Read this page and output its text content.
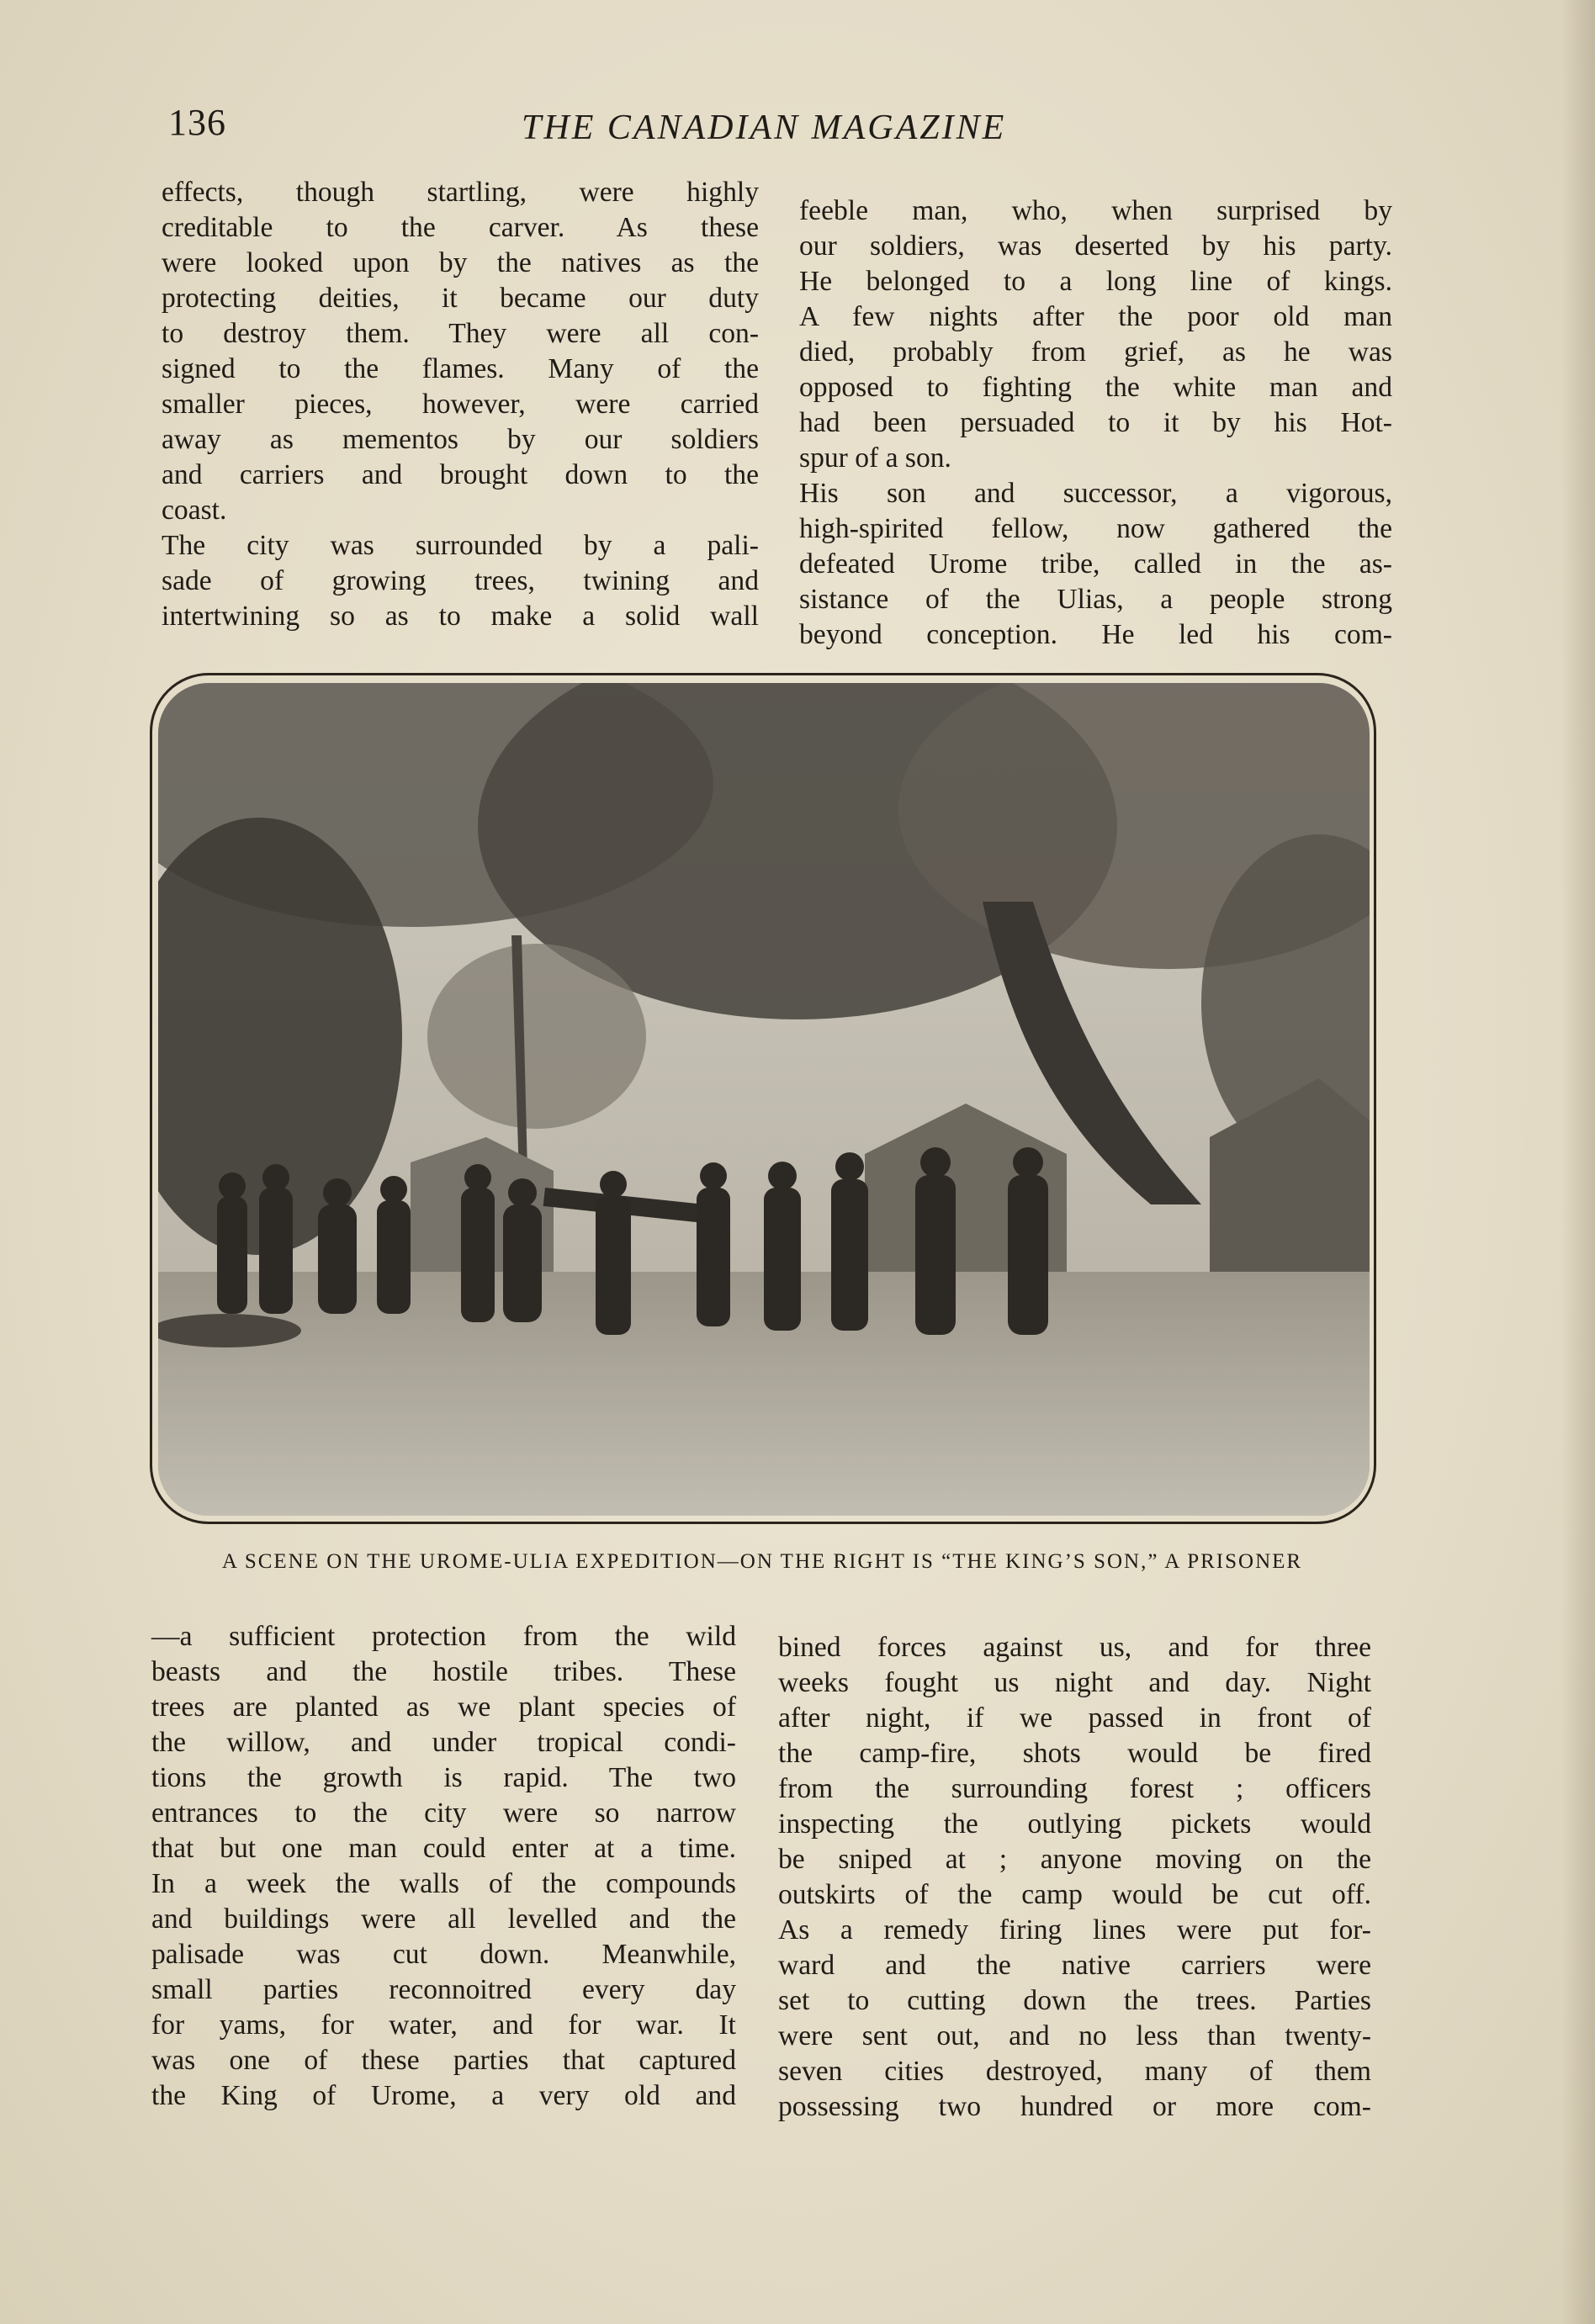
136	THE CANADIAN MAGAZINE
effects, though startling, were highly
creditable to the carver. As these
were looked upon by the natives as the
protecting deities, it became our duty
to destroy them. They were all con-
signed to the flames. Many of the
smaller pieces, however, were carried
away as mementos by our soldiers
and carriers and brought down to the
coast.
The city was surrounded by a pali-
sade of growing trees, twining and
intertwining so as to make a solid wall
feeble man, who, when surprised by
our soldiers, was deserted by his party.
He belonged to a long line of kings.
A few nights after the poor old man
died, probably from grief, as he was
opposed to fighting the white man and
had been persuaded to it by his Hot-
spur of a son.
His son and successor, a vigorous,
high-spirited fellow, now gathered the
defeated Urome tribe, called in the as-
sistance of the Ulias, a people strong
beyond conception. He led his com-
A SCENE ON THE UROME-ULIA EXPEDITION—ON THE RIGHT IS “THE KING’S SON,” A PRISONER
—a sufficient protection from the wild
beasts and the hostile tribes. These
trees are planted as we plant species of
the willow, and under tropical condi-
tions the growth is rapid. The two
entrances to the city were so narrow
that but one man could enter at a time.
In a week the walls of the compounds
and buildings were all levelled and the
palisade was cut down. Meanwhile,
small parties reconnoitred every day
for yams, for water, and for war. It
was one of these parties that captured
the King of Urome, a very old and
bined forces against us, and for three
weeks fought us night and day. Night
after night, if we passed in front of
the camp-fire, shots would be fired
from the surrounding forest ; officers
inspecting the outlying pickets would
be sniped at ; anyone moving on the
outskirts of the camp would be cut off.
As a remedy firing lines were put for-
ward and the native carriers were
set to cutting down the trees. Parties
were sent out, and no less than twenty-
seven cities destroyed, many of them
possessing two hundred or more com-
